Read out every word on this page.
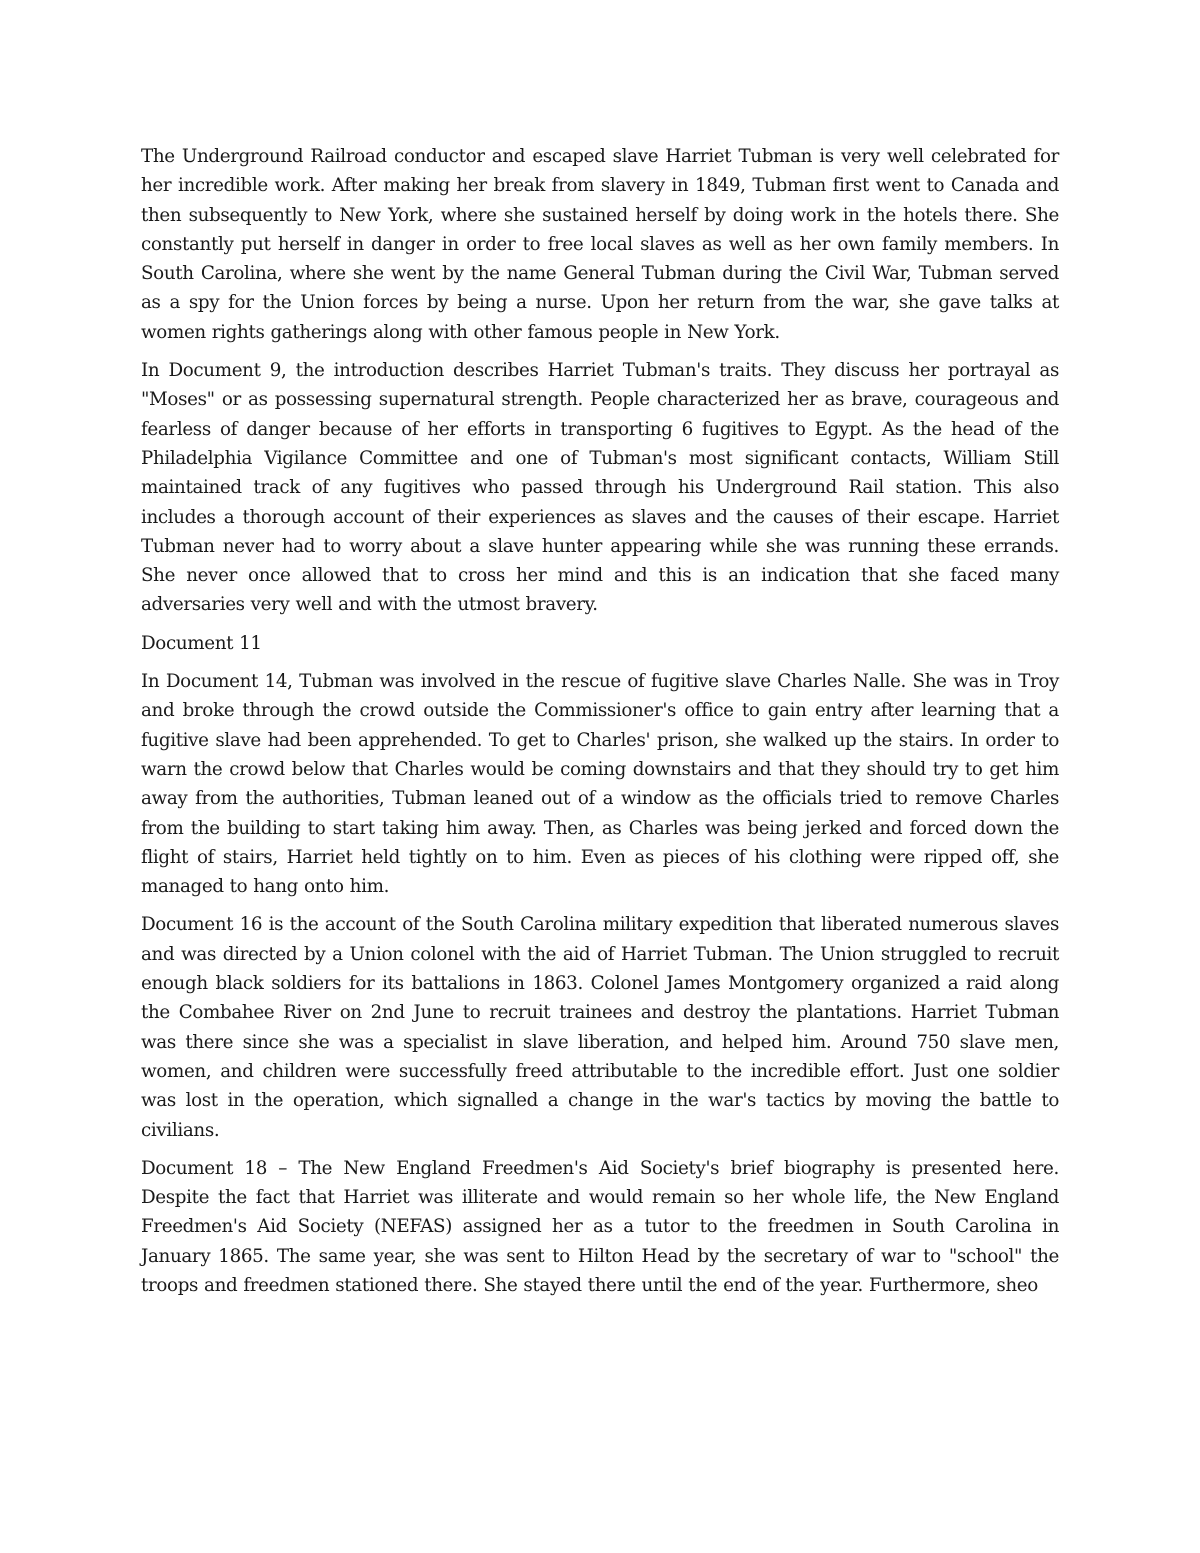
The Underground Railroad conductor and escaped slave Harriet Tubman is very well celebrated for her incredible work. After making her break from slavery in 1849, Tubman first went to Canada and then subsequently to New York, where she sustained herself by doing work in the hotels there. She constantly put herself in danger in order to free local slaves as well as her own family members. In South Carolina, where she went by the name General Tubman during the Civil War, Tubman served as a spy for the Union forces by being a nurse. Upon her return from the war, she gave talks at women rights gatherings along with other famous people in New York.

In Document 9, the introduction describes Harriet Tubman's traits. They discuss her portrayal as "Moses" or as possessing supernatural strength. People characterized her as brave, courageous and fearless of danger because of her efforts in transporting 6 fugitives to Egypt. As the head of the Philadelphia Vigilance Committee and one of Tubman's most significant contacts, William Still maintained track of any fugitives who passed through his Underground Rail station. This also includes a thorough account of their experiences as slaves and the causes of their escape. Harriet Tubman never had to worry about a slave hunter appearing while she was running these errands. She never once allowed that to cross her mind and this is an indication that she faced many adversaries very well and with the utmost bravery.

Document 11

In Document 14, Tubman was involved in the rescue of fugitive slave Charles Nalle. She was in Troy and broke through the crowd outside the Commissioner's office to gain entry after learning that a fugitive slave had been apprehended. To get to Charles' prison, she walked up the stairs. In order to warn the crowd below that Charles would be coming downstairs and that they should try to get him away from the authorities, Tubman leaned out of a window as the officials tried to remove Charles from the building to start taking him away. Then, as Charles was being jerked and forced down the flight of stairs, Harriet held tightly on to him. Even as pieces of his clothing were ripped off, she managed to hang onto him.

Document 16 is the account of the South Carolina military expedition that liberated numerous slaves and was directed by a Union colonel with the aid of Harriet Tubman. The Union struggled to recruit enough black soldiers for its battalions in 1863. Colonel James Montgomery organized a raid along the Combahee River on 2nd June to recruit trainees and destroy the plantations. Harriet Tubman was there since she was a specialist in slave liberation, and helped him. Around 750 slave men, women, and children were successfully freed attributable to the incredible effort. Just one soldier was lost in the operation, which signalled a change in the war's tactics by moving the battle to civilians.

Document 18 – The New England Freedmen's Aid Society's brief biography is presented here. Despite the fact that Harriet was illiterate and would remain so her whole life, the New England Freedmen's Aid Society (NEFAS) assigned her as a tutor to the freedmen in South Carolina in January 1865. The same year, she was sent to Hilton Head by the secretary of war to "school" the troops and freedmen stationed there. She stayed there until the end of the year. Furthermore, sheo
